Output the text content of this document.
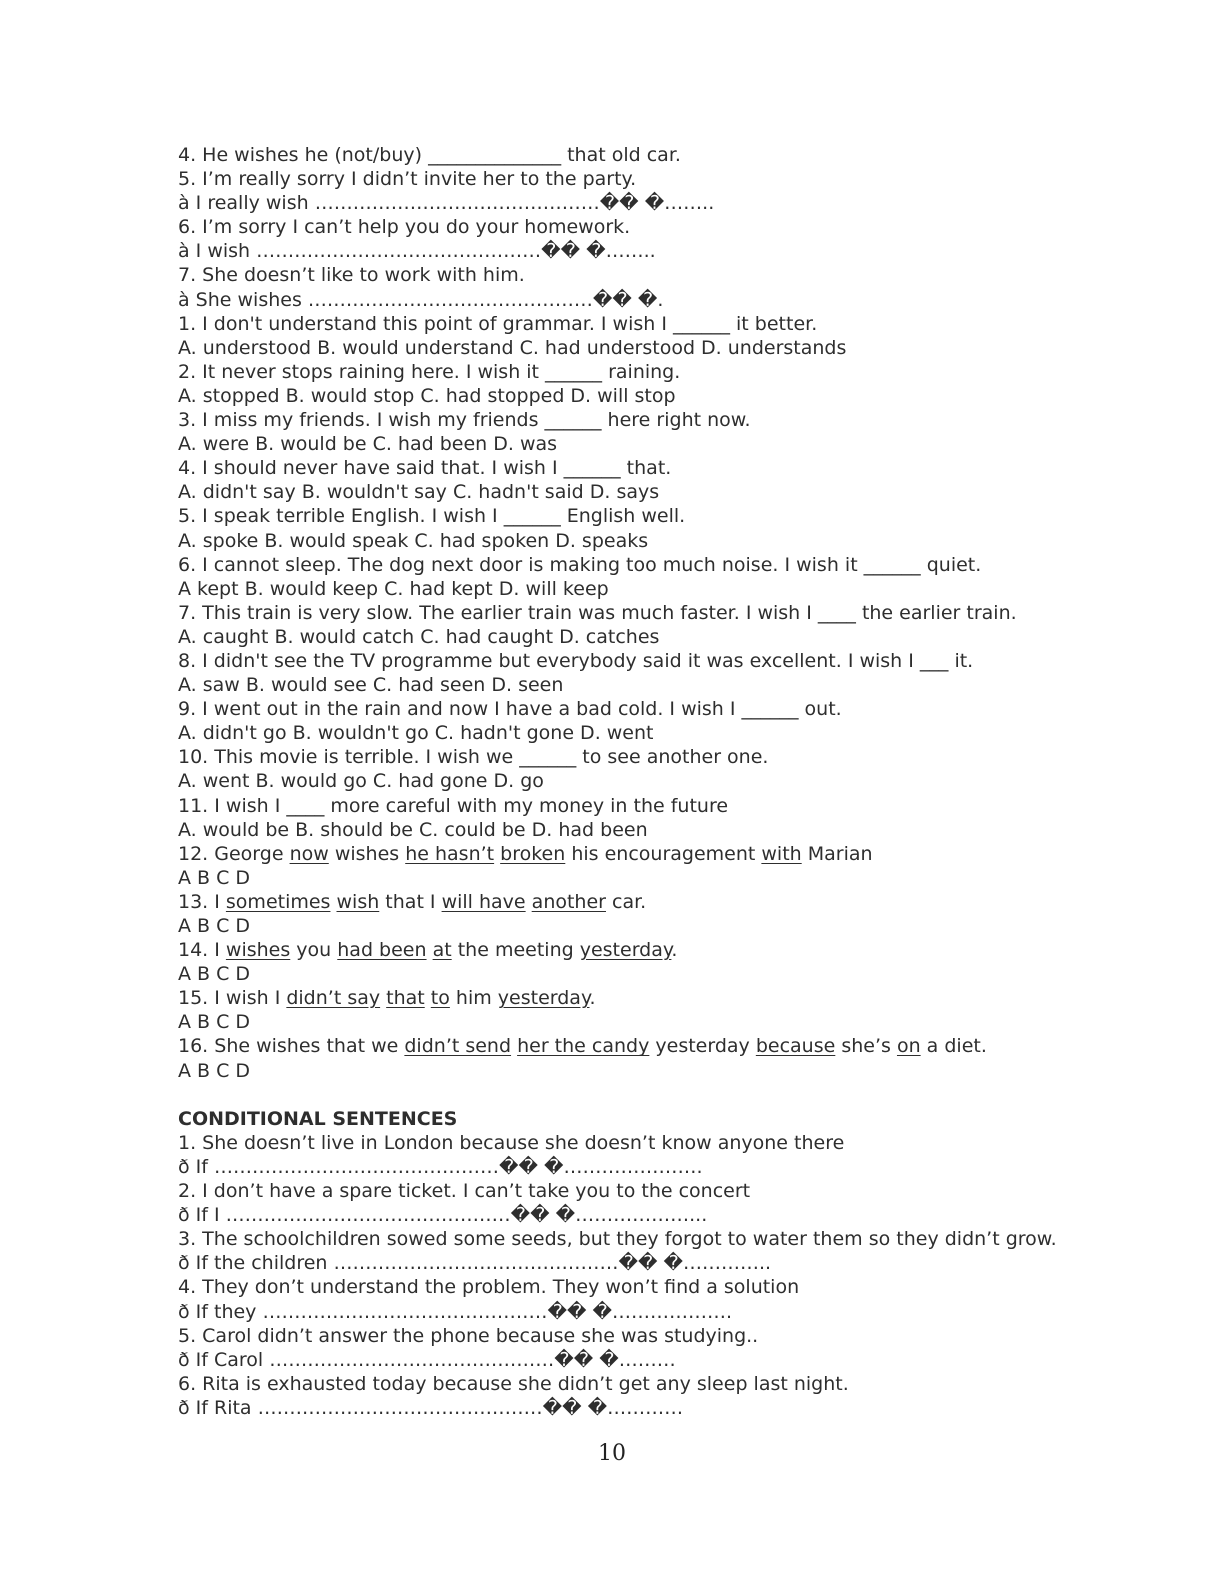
4. He wishes he (not/buy) ______________ that old car.
5. I’m really sorry I didn’t invite her to the party.
à I really wish ………………………………………�� �……..
6. I’m sorry I can’t help you do your homework.
à I wish ………………………………………�� �……..
7. She doesn’t like to work with him.
à She wishes ………………………………………�� �.
1. I don't understand this point of grammar. I wish I ______ it better.
A. understood B. would understand C. had understood D. understands
2. It never stops raining here. I wish it ______ raining.
A. stopped B. would stop C. had stopped D. will stop
3. I miss my friends. I wish my friends ______ here right now.
A. were B. would be C. had been D. was
4. I should never have said that. I wish I ______ that.
A. didn't say B. wouldn't say C. hadn't said D. says
5. I speak terrible English. I wish I ______ English well.
A. spoke B. would speak C. had spoken D. speaks
6. I cannot sleep. The dog next door is making too much noise. I wish it ______ quiet.
A kept B. would keep C. had kept D. will keep
7. This train is very slow. The earlier train was much faster. I wish I ____ the earlier train.
A. caught B. would catch C. had caught D. catches
8. I didn't see the TV programme but everybody said it was excellent. I wish I ___ it.
A. saw B. would see C. had seen D. seen
9. I went out in the rain and now I have a bad cold. I wish I ______ out.
A. didn't go B. wouldn't go C. hadn't gone D. went
10. This movie is terrible. I wish we ______ to see another one.
A. went B. would go C. had gone D. go
11. I wish I ____ more careful with my money in the future
A. would be B. should be C. could be D. had been
12. George now wishes he hasn’t broken his encouragement with Marian
A B C D
13. I sometimes wish that I will have another car.
A B C D
14. I wishes you had been at the meeting yesterday.
A B C D
15. I wish I didn’t say that to him yesterday.
A B C D
16. She wishes that we didn’t send her the candy yesterday because she’s on a diet.
A B C D
CONDITIONAL SENTENCES
1. She doesn’t live in London because she doesn’t know anyone there
ð If ………………………………………�� �………………….
2. I don’t have a spare ticket. I can’t take you to the concert
ð If I ………………………………………�� �………………...
3. The schoolchildren sowed some seeds, but they forgot to water them so they didn’t grow.
ð If the children ………………………………………�� �…………..
4. They don’t understand the problem. They won’t find a solution
ð If they ………………………………………�� �……………….
5. Carol didn’t answer the phone because she was studying..
ð If Carol ………………………………………�� �………
6. Rita is exhausted today because she didn’t get any sleep last night.
ð If Rita ………………………………………�� �…………
10
